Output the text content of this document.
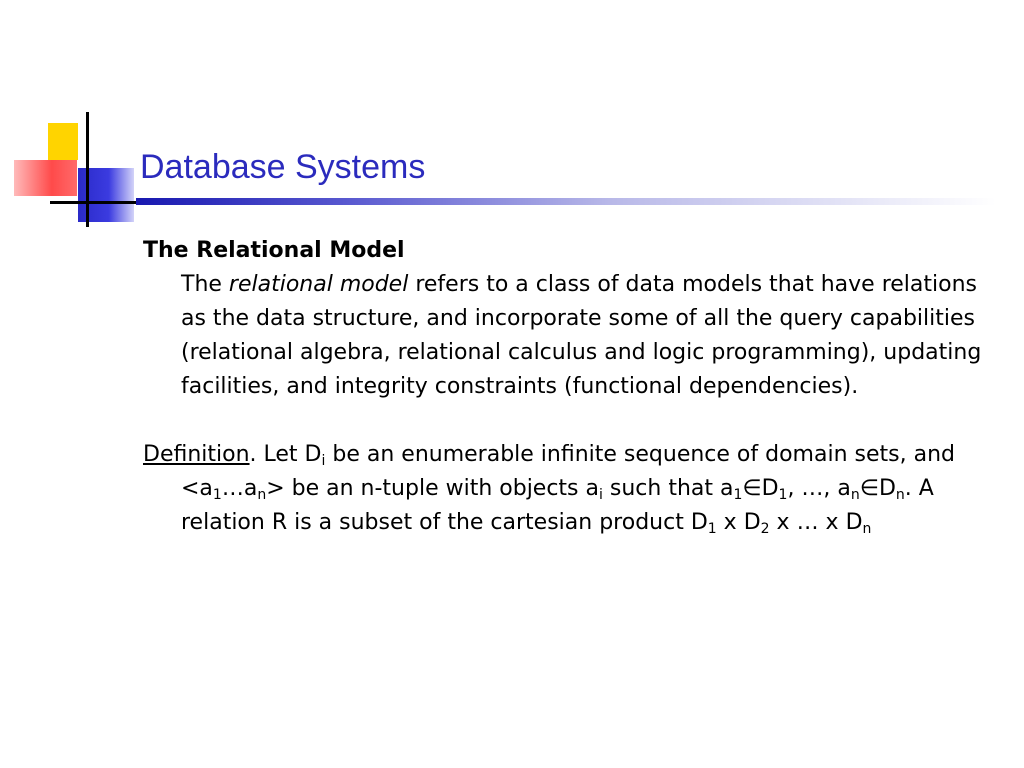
Database Systems

The Relational Model

The relational model refers to a class of data models that have relations as the data structure, and incorporate some of all the query capabilities (relational algebra, relational calculus and logic programming), updating facilities, and integrity constraints (functional dependencies).

Definition. Let $D_i$ be an enumerable infinite sequence of domain sets, and $<a_1\dots a_n>$ be an n-tuple with objects $a_i$ such that $a_1\in D_1$, …, $a_n\in D_n$. A relation R is a subset of the cartesian product $D_1$ x $D_2$ x … x $D_n$
